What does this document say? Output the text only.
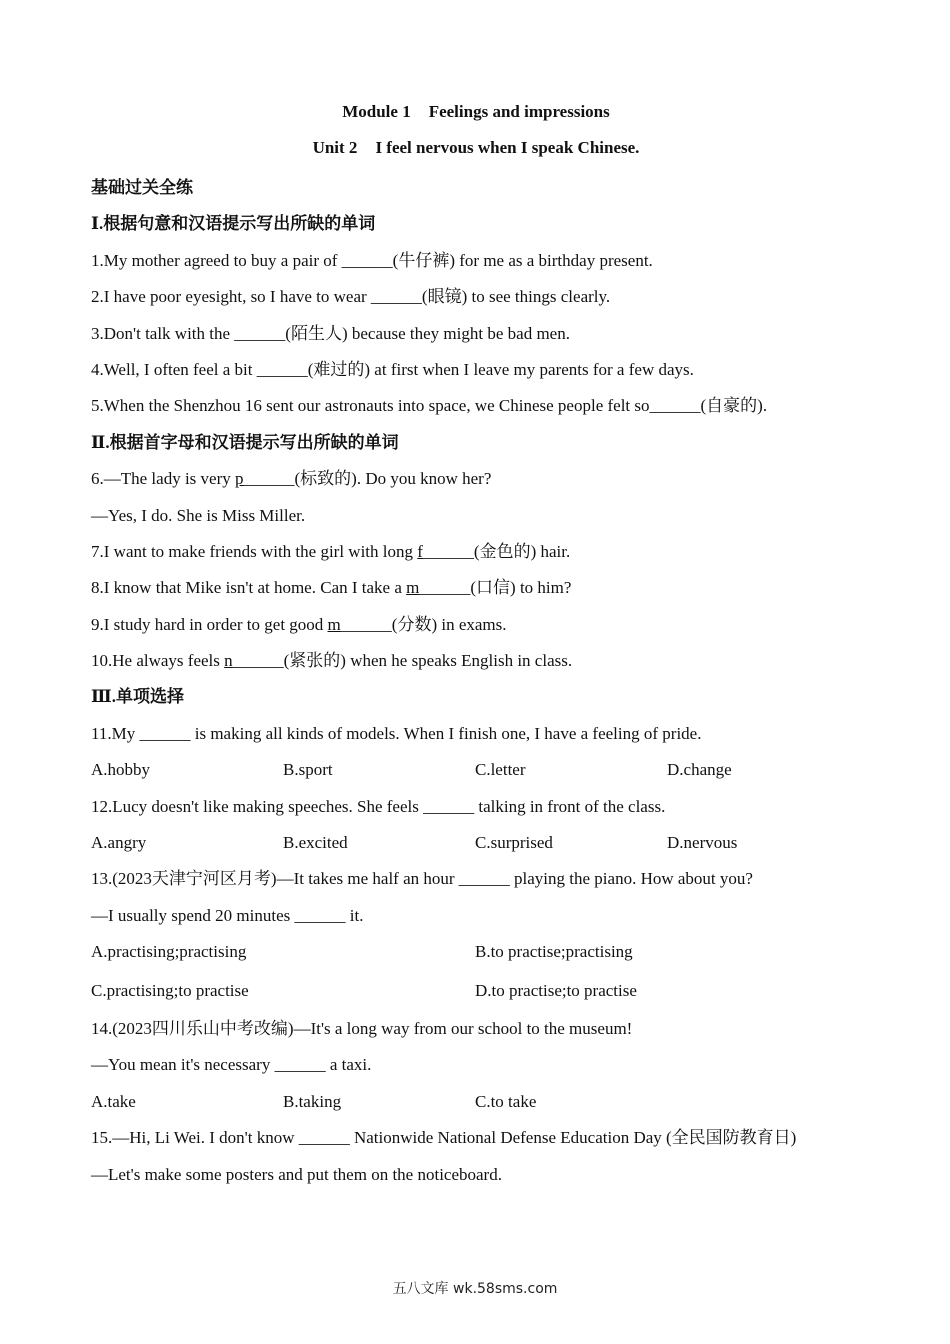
Module 1 Feelings and impressions
Unit 2 I feel nervous when I speak Chinese.
基础过关全练
Ⅰ.根据句意和汉语提示写出所缺的单词
1.My mother agreed to buy a pair of ______(牛仔裤) for me as a birthday present.
2.I have poor eyesight, so I have to wear ______(眼镜) to see things clearly.
3.Don't talk with the ______(陌生人) because they might be bad men.
4.Well, I often feel a bit ______(难过的) at first when I leave my parents for a few days.
5.When the Shenzhou 16 sent our astronauts into space, we Chinese people felt so______(自豪的).
Ⅱ.根据首字母和汉语提示写出所缺的单词
6.—The lady is very p______(标致的). Do you know her?
—Yes, I do. She is Miss Miller.
7.I want to make friends with the girl with long f______(金色的) hair.
8.I know that Mike isn't at home. Can I take a m______(口信) to him?
9.I study hard in order to get good m______(分数) in exams.
10.He always feels n______(紧张的) when he speaks English in class.
Ⅲ.单项选择
11.My ______ is making all kinds of models. When I finish one, I have a feeling of pride.
A.hobby	B.sport	C.letter	D.change
12.Lucy doesn't like making speeches. She feels ______ talking in front of the class.
A.angry	B.excited	C.surprised	D.nervous
13.(2023天津宁河区月考)—It takes me half an hour ______ playing the piano. How about you?
—I usually spend 20 minutes ______ it.
A.practising;practising	B.to practise;practising
C.practising;to practise	D.to practise;to practise
14.(2023四川乐山中考改编)—It's a long way from our school to the museum!
—You mean it's necessary ______ a taxi.
A.take	B.taking	C.to take
15.—Hi, Li Wei. I don't know ______ Nationwide National Defense Education Day (全民国防教育日)
—Let's make some posters and put them on the noticeboard.
五八文库 wk.58sms.com
